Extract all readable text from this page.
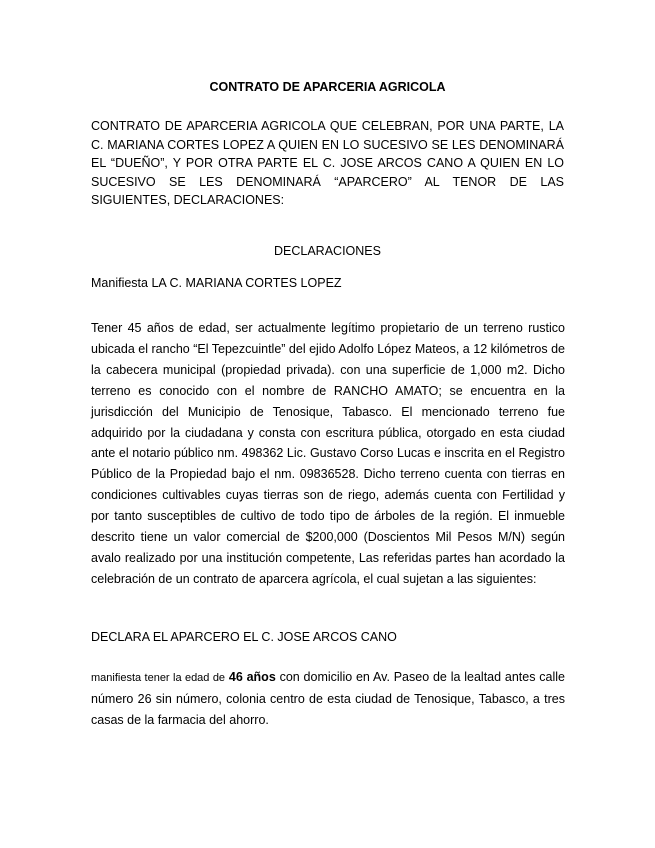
CONTRATO DE APARCERIA AGRICOLA
CONTRATO DE APARCERIA AGRICOLA QUE CELEBRAN, POR UNA PARTE, LA C. MARIANA CORTES LOPEZ A QUIEN EN LO SUCESIVO SE LES DENOMINARÁ EL “DUEÑO”, Y POR OTRA PARTE EL C. JOSE ARCOS CANO A QUIEN EN LO SUCESIVO SE LES DENOMINARÁ “APARCERO” AL TENOR DE LAS SIGUIENTES, DECLARACIONES:
DECLARACIONES
Manifiesta LA C. MARIANA CORTES LOPEZ
Tener 45 años de edad, ser actualmente legítimo propietario de un terreno rustico ubicada el rancho “El Tepezcuintle” del ejido Adolfo López Mateos, a 12 kilómetros de la cabecera municipal (propiedad privada). con una superficie de 1,000 m2. Dicho terreno es conocido con el nombre de RANCHO AMATO; se encuentra en la jurisdicción del Municipio de Tenosique, Tabasco. El mencionado terreno fue adquirido por la ciudadana y consta con escritura pública, otorgado en esta ciudad ante el notario público nm. 498362 Lic. Gustavo Corso Lucas e inscrita en el Registro Público de la Propiedad bajo el nm. 09836528. Dicho terreno cuenta con tierras en condiciones cultivables cuyas tierras son de riego, además cuenta con Fertilidad y por tanto susceptibles de cultivo de todo tipo de árboles de la región. El inmueble descrito tiene un valor comercial de $200,000 (Doscientos Mil Pesos M/N) según avalo realizado por una institución competente, Las referidas partes han acordado la celebración de un contrato de aparcera agrícola, el cual sujetan a las siguientes:
DECLARA EL APARCERO EL C. JOSE ARCOS CANO
manifiesta tener la edad de 46 años con domicilio en Av. Paseo de la lealtad antes calle número 26 sin número, colonia centro de esta ciudad de Tenosique, Tabasco, a tres casas de la farmacia del ahorro.
